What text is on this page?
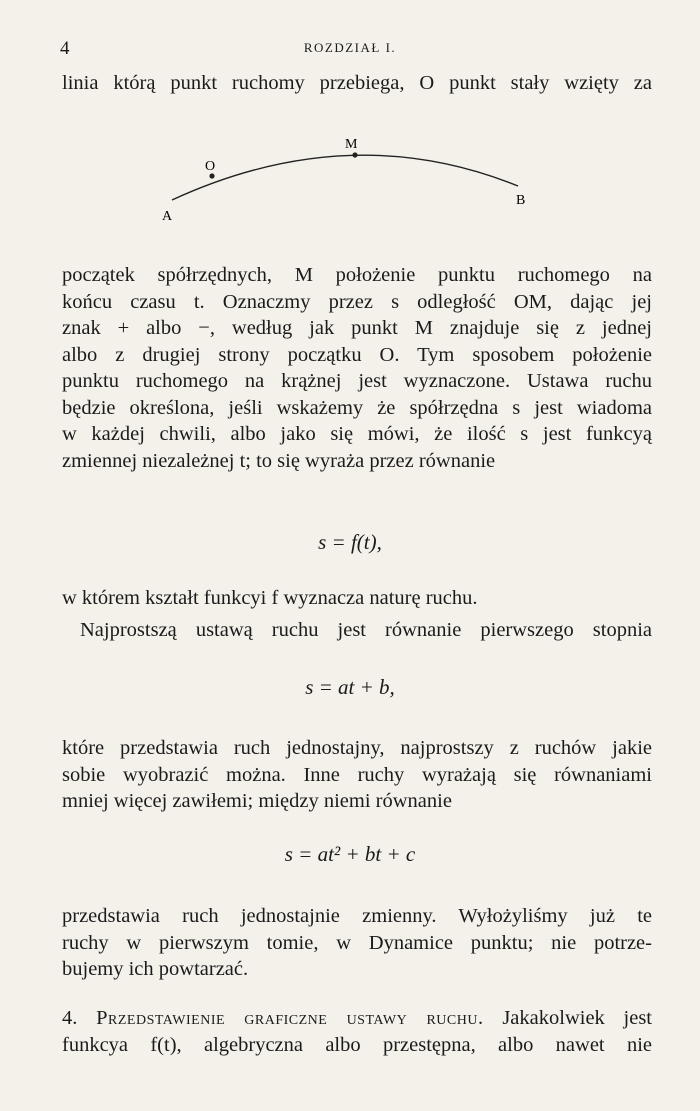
4	ROZDZIAŁ I.
linia którą punkt ruchomy przebiega, O punkt stały wzięty za
O
M
A
B
początek spółrzędnych, M położenie punktu ruchomego na
końcu czasu t. Oznaczmy przez s odległość OM, dając jej
znak + albo −, według jak punkt M znajduje się z jednej
albo z drugiej strony początku O. Tym sposobem położenie
punktu ruchomego na krążnej jest wyznaczone. Ustawa ruchu
będzie określona, jeśli wskażemy że spółrzędna s jest wiadoma
w każdej chwili, albo jako się mówi, że ilość s jest funkcyą
zmiennej niezależnej t; to się wyraża przez równanie
s = f(t),
w którem kształt funkcyi f wyznacza naturę ruchu.
Najprostszą ustawą ruchu jest równanie pierwszego stopnia
s = at + b,
które przedstawia ruch jednostajny, najprostszy z ruchów jakie
sobie wyobrazić można. Inne ruchy wyrażają się równaniami
mniej więcej zawiłemi; między niemi równanie
s = at² + bt + c
przedstawia ruch jednostajnie zmienny. Wyłożyliśmy już te
ruchy w pierwszym tomie, w Dynamice punktu; nie potrze-
bujemy ich powtarzać.
4. Przedstawienie graficzne ustawy ruchu. Jakakolwiek jest
funkcya f(t), algebryczna albo przestępna, albo nawet nie
